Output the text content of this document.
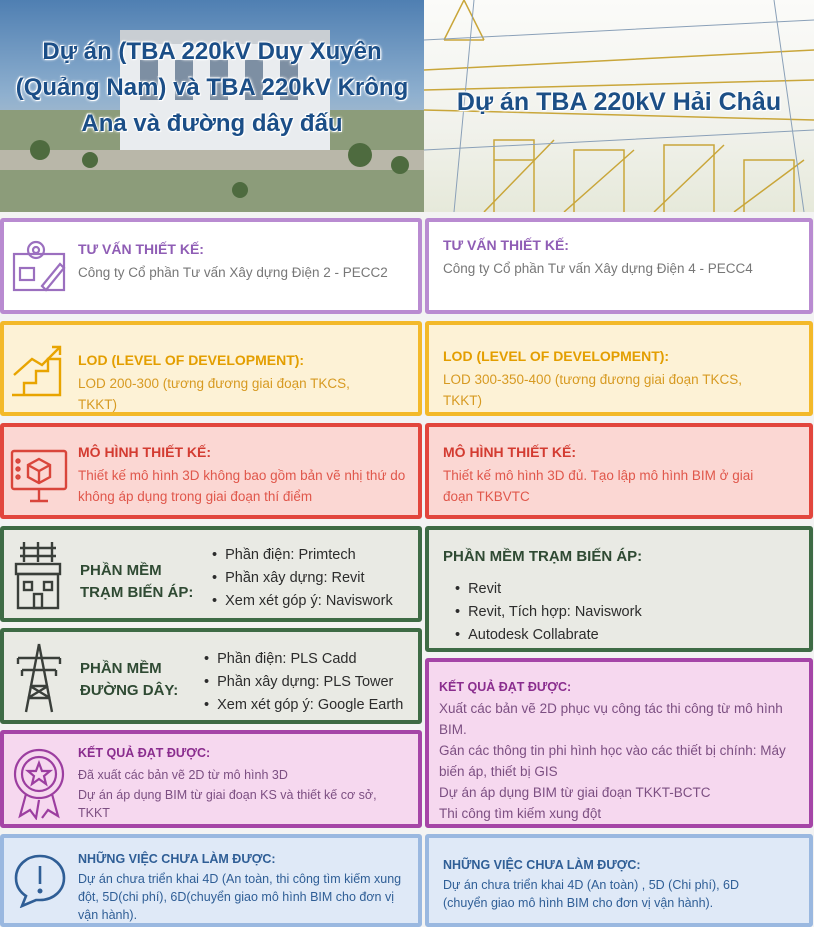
Dự án (TBA 220kV Duy Xuyên (Quảng Nam) và TBA 220kV Krông Ana và đường dây đấu
Dự án TBA 220kV Hải Châu
TƯ VẤN THIẾT KẾ:
Công ty Cổ phần Tư vấn Xây dựng Điện 2 - PECC2
TƯ VẤN THIẾT KẾ:
Công ty Cổ phần Tư vấn Xây dựng Điện 4 - PECC4
LOD (LEVEL OF DEVELOPMENT):
LOD 200-300 (tương đương giai đoạn TKCS, TKKT)
LOD (LEVEL OF DEVELOPMENT):
LOD 300-350-400 (tương đương giai đoạn TKCS, TKKT)
MÔ HÌNH THIẾT KẾ:
Thiết kế mô hình 3D không bao gồm bản vẽ nhị thứ do không áp dụng trong giai đoạn thí điểm
MÔ HÌNH THIẾT KẾ:
Thiết kế mô hình 3D đủ. Tạo lập mô hình BIM ở giai đoạn TKBVTC
PHẦN MỀM
TRẠM BIẾN ÁP:
• Phần điện: Primtech
• Phần xây dựng: Revit
• Xem xét góp ý: Naviswork
PHẦN MỀM TRẠM BIẾN ÁP:
• Revit
• Revit, Tích hợp: Naviswork
• Autodesk Collabrate
PHẦN MỀM
ĐƯỜNG DÂY:
• Phần điện: PLS Cadd
• Phần xây dựng: PLS Tower
• Xem xét góp ý: Google Earth
KẾT QUẢ ĐẠT ĐƯỢC:
Đã xuất các bản vẽ 2D từ mô hình 3D
Dự án áp dụng BIM từ giai đoạn KS và thiết kế cơ sở, TKKT
KẾT QUẢ ĐẠT ĐƯỢC:
Xuất các bản vẽ 2D phục vụ công tác thi công từ mô hình BIM.
Gán các thông tin phi hình học vào các thiết bị chính: Máy biến áp, thiết bị GIS
Dự án áp dụng BIM từ giai đoạn TKKT-BCTC
Thi công tìm kiếm xung đột
NHỮNG VIỆC CHƯA LÀM ĐƯỢC:
Dự án chưa triển khai 4D (An toàn, thi công tìm kiếm xung đột, 5D(chi phí), 6D(chuyển giao mô hình BIM cho đơn vị vận hành).
NHỮNG VIỆC CHƯA LÀM ĐƯỢC:
Dự án chưa triển khai 4D (An toàn) , 5D (Chi phí), 6D (chuyển giao mô hình BIM cho đơn vị vận hành).
